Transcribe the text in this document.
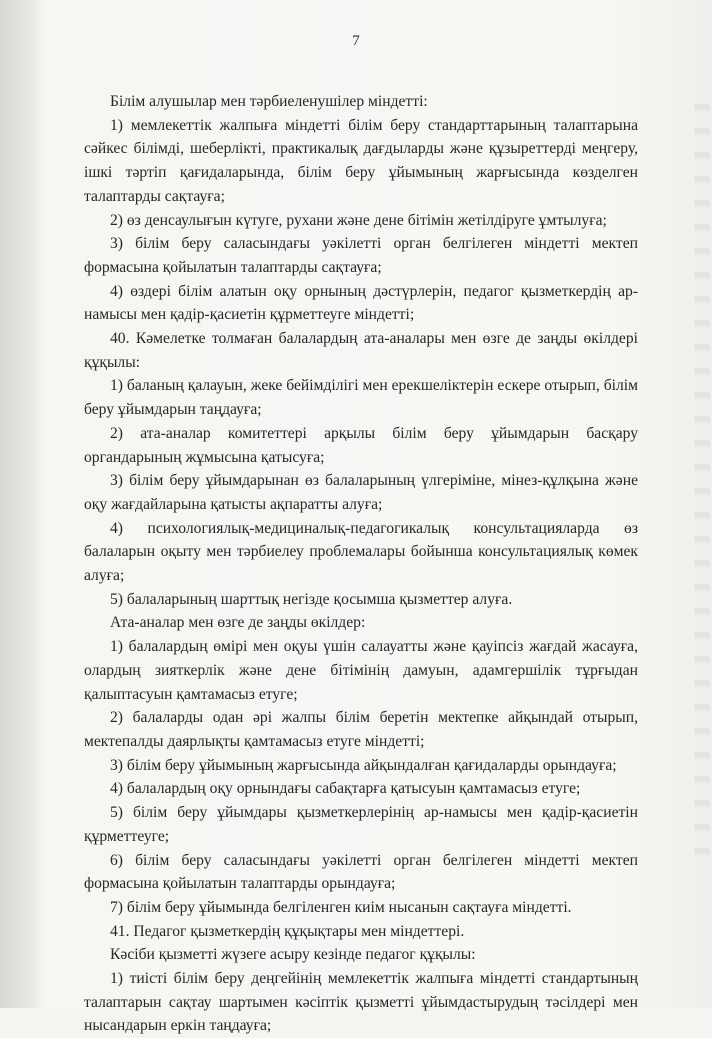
7

Білім алушылар мен тәрбиеленушілер міндетті:

1) мемлекеттік жалпыға міндетті білім беру стандарттарының талаптарына сәйкес білімді, шеберлікті, практикалық дағдыларды және құзыреттерді меңгеру, ішкі тәртіп қағидаларында, білім беру ұйымының жарғысында көзделген талаптарды сақтауға;

2) өз денсаулығын күтуге, рухани және дене бітімін жетілдіруге ұмтылуға;

3) білім беру саласындағы уәкілетті орган белгілеген міндетті мектеп формасына қойылатын талаптарды сақтауға;

4) өздері білім алатын оқу орнының дәстүрлерін, педагог қызметкердің ар-намысы мен қадір-қасиетін құрметтеуге міндетті;

40. Кәмелетке толмаған балалардың ата-аналары мен өзге де заңды өкілдері құқылы:

1) баланың қалауын, жеке бейімділігі мен ерекшеліктерін ескере отырып, білім беру ұйымдарын таңдауға;

2) ата-аналар комитеттері арқылы білім беру ұйымдарын басқару органдарының жұмысына қатысуға;

3) білім беру ұйымдарынан өз балаларының үлгеріміне, мінез-құлқына және оқу жағдайларына қатысты ақпаратты алуға;

4) психологиялық-медициналық-педагогикалық консультацияларда өз балаларын оқыту мен тәрбиелеу проблемалары бойынша консультациялық көмек алуға;

5) балаларының шарттық негізде қосымша қызметтер алуға.

Ата-аналар мен өзге де заңды өкілдер:

1) балалардың өмірі мен оқуы үшін салауатты және қауіпсіз жағдай жасауға, олардың зияткерлік және дене бітімінің дамуын, адамгершілік тұрғыдан қалыптасуын қамтамасыз етуге;

2) балаларды одан әрі жалпы білім беретін мектепке айқындай отырып, мектепалды даярлықты қамтамасыз етуге міндетті;

3) білім беру ұйымының жарғысында айқындалған қағидаларды орындауға;

4) балалардың оқу орнындағы сабақтарға қатысуын қамтамасыз етуге;

5) білім беру ұйымдары қызметкерлерінің ар-намысы мен қадір-қасиетін құрметтеуге;

6) білім беру саласындағы уәкілетті орган белгілеген міндетті мектеп формасына қойылатын талаптарды орындауға;

7) білім беру ұйымында белгіленген киім нысанын сақтауға міндетті.

41. Педагог қызметкердің құқықтары мен міндеттері.

Кәсіби қызметті жүзеге асыру кезінде педагог құқылы:

1) тиісті білім беру деңгейінің мемлекеттік жалпыға міндетті стандартының талаптарын сақтау шартымен кәсіптік қызметті ұйымдастырудың тәсілдері мен нысандарын еркін таңдауға;
